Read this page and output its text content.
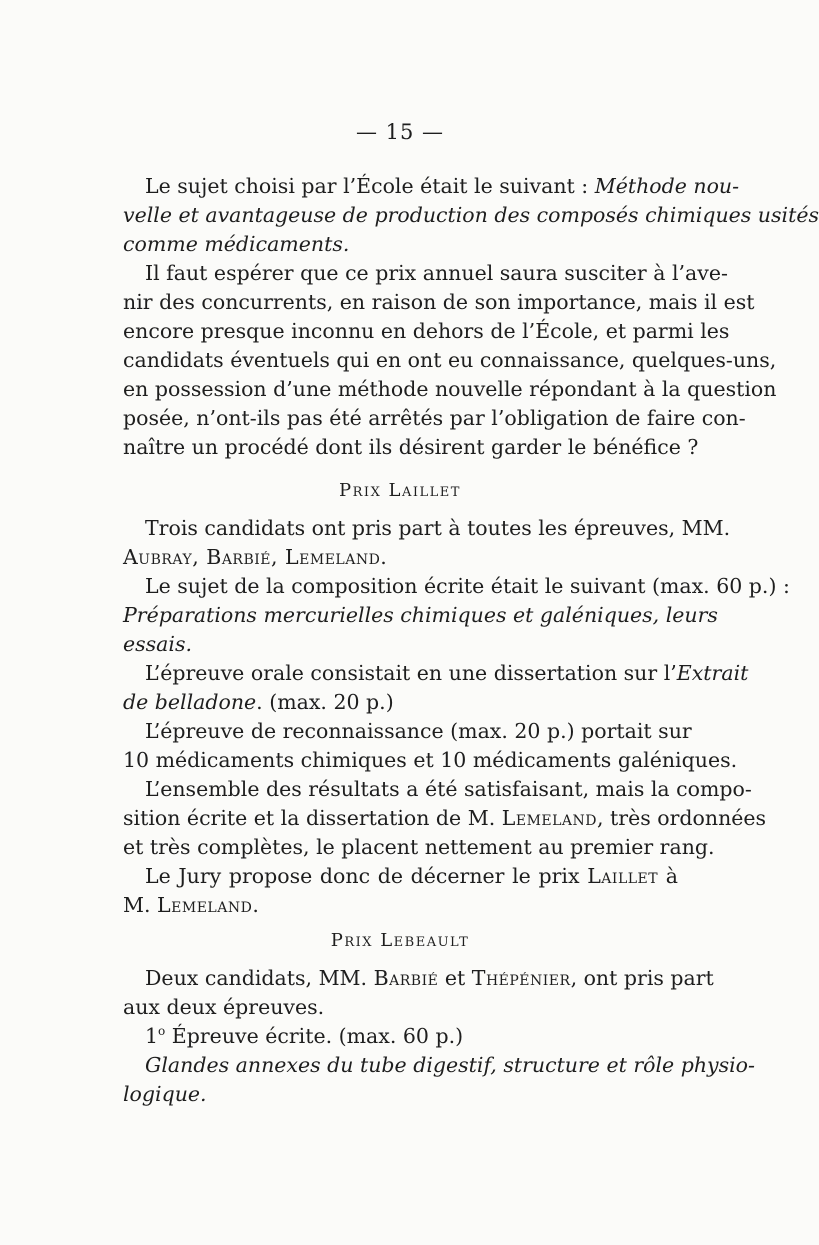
— 15 —
Le sujet choisi par l’École était le suivant : Méthode nou-
velle et avantageuse de production des composés chimiques usités
comme médicaments.
Il faut espérer que ce prix annuel saura susciter à l’ave-
nir des concurrents, en raison de son importance, mais il est
encore presque inconnu en dehors de l’École, et parmi les
candidats éventuels qui en ont eu connaissance, quelques-uns,
en possession d’une méthode nouvelle répondant à la question
posée, n’ont-ils pas été arrêtés par l’obligation de faire con-
naître un procédé dont ils désirent garder le bénéfice ?
Prix Laillet
Trois candidats ont pris part à toutes les épreuves, MM.
Aubray, Barbié, Lemeland.
Le sujet de la composition écrite était le suivant (max. 60 p.) :
Préparations mercurielles chimiques et galéniques, leurs
essais.
L’épreuve orale consistait en une dissertation sur l’Extrait
de belladone. (max. 20 p.)
L’épreuve de reconnaissance (max. 20 p.) portait sur
10 médicaments chimiques et 10 médicaments galéniques.
L’ensemble des résultats a été satisfaisant, mais la compo-
sition écrite et la dissertation de M. Lemeland, très ordonnées
et très complètes, le placent nettement au premier rang.
Le Jury propose donc de décerner le prix Laillet à
M. Lemeland.
Prix Lebeault
Deux candidats, MM. Barbié et Thépénier, ont pris part
aux deux épreuves.
1$^o$ Épreuve écrite. (max. 60 p.)
Glandes annexes du tube digestif, structure et rôle physio-
logique.
